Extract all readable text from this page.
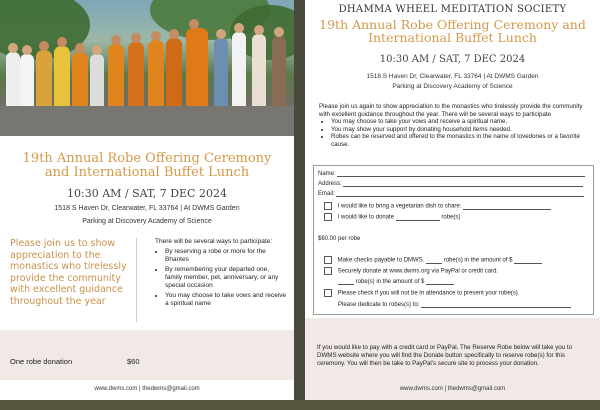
19th Annual Robe Offering Ceremony and International Buffet Lunch
10:30 AM / SAT, 7 DEC 2024
1518 S Haven Dr, Clearwater, FL 33764 | At DWMS Garden
Parking at Discovery Academy of Science
Please join us to show appreciation to the monastics who tirelessly provide the community with excellent guidance throughout the year
There will be several ways to participate:
• By reserving a robe or more for the Bhantes
• By remembering your departed one, family member, pet, anniversary, or any special occasion
• You may choose to take vows and receive a spiritual name
One robe donation	$60
www.dwms.com | thedwms@gmail.com
DHAMMA WHEEL MEDITATION SOCIETY
19th Annual Robe Offering Ceremony and International Buffet Lunch
10:30 AM / SAT, 7 DEC 2024
1518 S Haven Dr, Clearwater, FL 33764 | At DWMS Garden
Parking at Discovery Academy of Science
Please join us again to show appreciation to the monastics who tirelessly provide the community with excellent guidance throughout the year. There will be several ways to participate
• You may choose to take your vows and receive a spiritual name.
• You may show your support by donating household items needed.
• Robes can be reserved and offered to the monastics in the name of lovedones or a favorite cause.
Name:
Address:
Email:
I would like to bring a vegetarian dish to share:
I would like to donate	robe(s)
$60.00 per robe
Make checks payable to DMWS.	robe(s) in the amount of $
Securely donate at www.dwms.org via PayPal or credit card.
robe(s) in the amount of $
Please check if you will not be in attendance to present your robe(s).
Please dedicate to robes(s) to:
If you would like to pay with a credit card or PayPal, The Reserve Robe below will take you to DWMS website where you will find the Donate button specifically to reserve robe(s) for this ceremony. You will then be take to PayPal's secure site to process your donation.
www.dwms.com | thedwms@gmail.com
